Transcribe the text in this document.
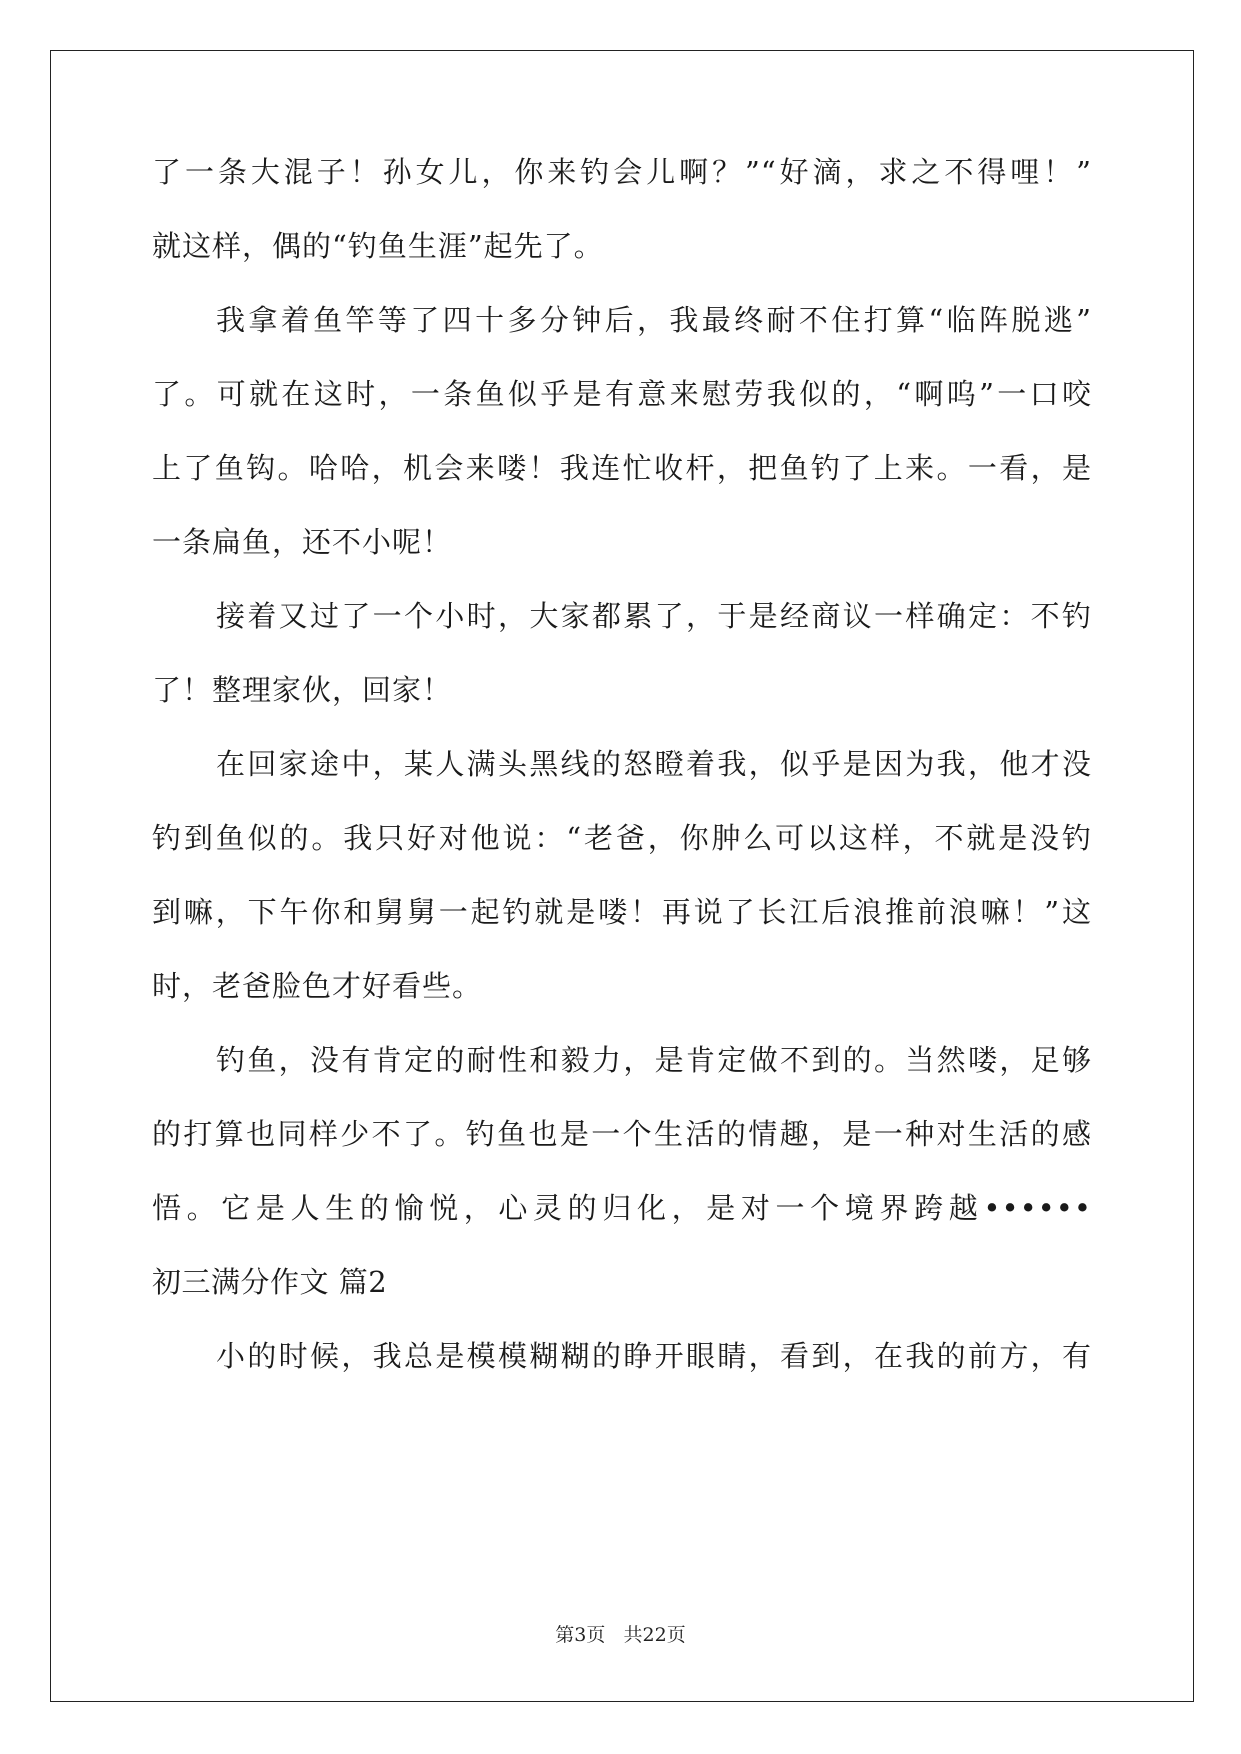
了一条大混子！孙女儿，你来钓会儿啊？”“好滴，求之不得哩！”
就这样，偶的“钓鱼生涯”起先了。
我拿着鱼竿等了四十多分钟后，我最终耐不住打算“临阵脱逃”
了。可就在这时，一条鱼似乎是有意来慰劳我似的，“啊呜”一口咬
上了鱼钩。哈哈，机会来喽！我连忙收杆，把鱼钓了上来。一看，是
一条扁鱼，还不小呢！
接着又过了一个小时，大家都累了，于是经商议一样确定：不钓
了！整理家伙，回家！
在回家途中，某人满头黑线的怒瞪着我，似乎是因为我，他才没
钓到鱼似的。我只好对他说：“老爸，你肿么可以这样，不就是没钓
到嘛，下午你和舅舅一起钓就是喽！再说了长江后浪推前浪嘛！”这
时，老爸脸色才好看些。
钓鱼，没有肯定的耐性和毅力，是肯定做不到的。当然喽，足够
的打算也同样少不了。钓鱼也是一个生活的情趣，是一种对生活的感
悟。它是人生的愉悦，心灵的归化，是对一个境界跨越••••••
初三满分作文 篇2
小的时候，我总是模模糊糊的睁开眼睛，看到，在我的前方，有
第3页 共22页
